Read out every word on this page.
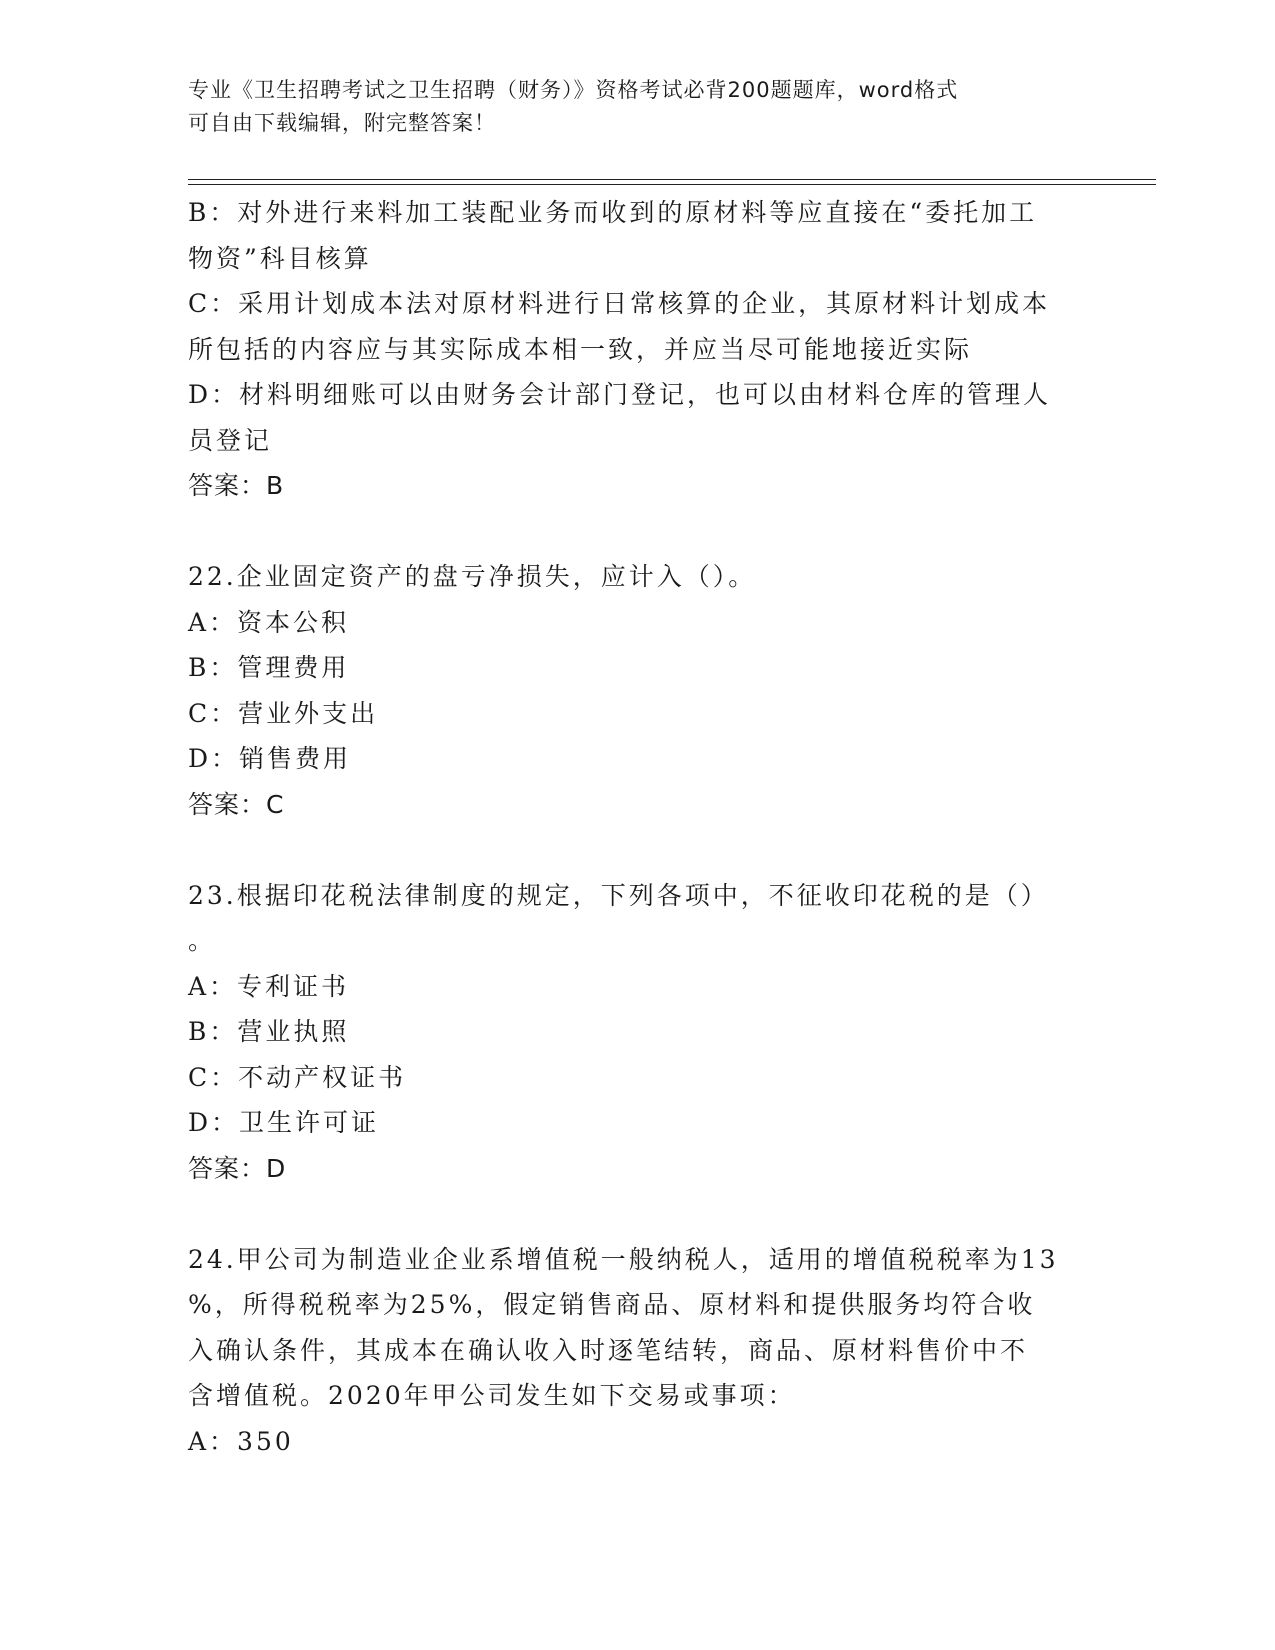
专业《卫生招聘考试之卫生招聘（财务）》资格考试必背200题题库，word格式

可自由下载编辑，附完整答案！

B：对外进行来料加工装配业务而收到的原材料等应直接在“委托加工

物资”科目核算

C：采用计划成本法对原材料进行日常核算的企业，其原材料计划成本

所包括的内容应与其实际成本相一致，并应当尽可能地接近实际

D：材料明细账可以由财务会计部门登记，也可以由材料仓库的管理人

员登记

答案：B

22.企业固定资产的盘亏净损失，应计入（）。

A：资本公积

B：管理费用

C：营业外支出

D：销售费用

答案：C

23.根据印花税法律制度的规定，下列各项中，不征收印花税的是（）

。

A：专利证书

B：营业执照

C：不动产权证书

D：卫生许可证

答案：D

24.甲公司为制造业企业系增值税一般纳税人，适用的增值税税率为13

%，所得税税率为25%，假定销售商品、原材料和提供服务均符合收

入确认条件，其成本在确认收入时逐笔结转，商品、原材料售价中不

含增值税。2020年甲公司发生如下交易或事项：

A：350
